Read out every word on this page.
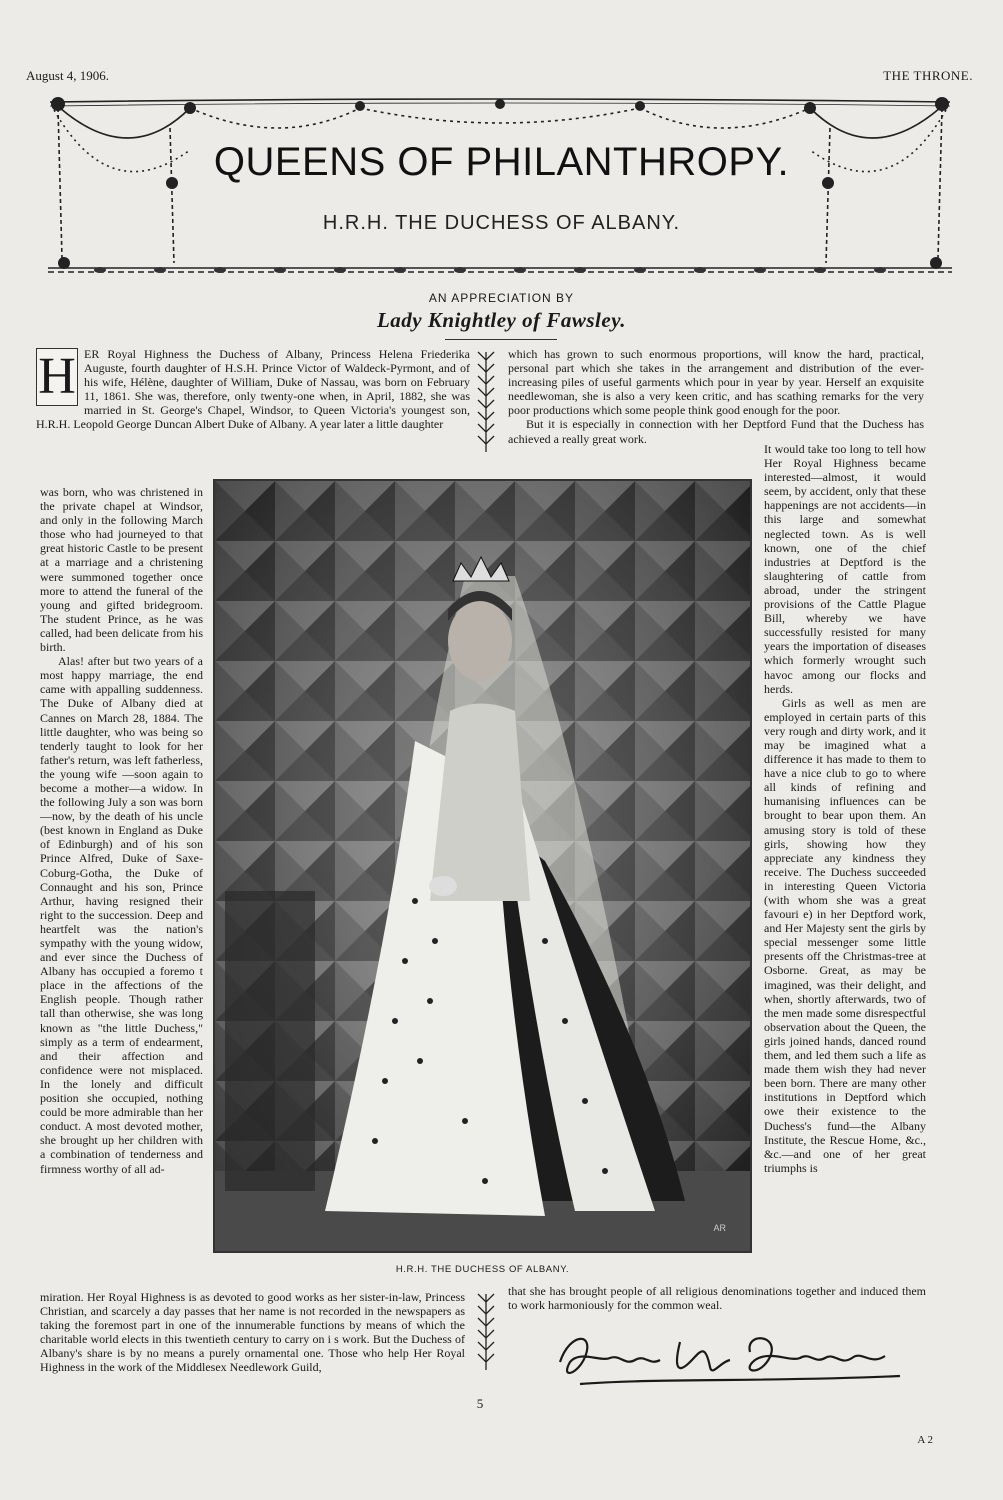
August 4, 1906.	THE THRONE.
QUEENS OF PHILANTHROPY.
H.R.H. THE DUCHESS OF ALBANY.
AN APPRECIATION BY
Lady Knightley of Fawsley.
H ER Royal Highness the Duchess of Albany, Princess Helena Friederika Auguste, fourth daughter of H.S.H. Prince Victor of Waldeck-Pyrmont, and of his wife, Hélène, daughter of William, Duke of Nassau, was born on February 11, 1861. She was, therefore, only twenty-one when, in April, 1882, she was married in St. George's Chapel, Windsor, to Queen Victoria's youngest son, H.R.H. Leopold George Duncan Albert Duke of Albany. A year later a little daughter

was born, who was christened in the private chapel at Windsor, and only in the following March those who had journeyed to that great historic Castle to be present at a marriage and a christening were summoned together once more to attend the funeral of the young and gifted bridegroom. The student Prince, as he was called, had been delicate from his birth.

Alas! after but two years of a most happy marriage, the end came with appalling suddenness. The Duke of Albany died at Cannes on March 28, 1884. The little daughter, who was being so tenderly taught to look for her father's return, was left fatherless, the young wife —soon again to become a mother—a widow. In the following July a son was born—now, by the death of his uncle (best known in England as Duke of Edinburgh) and of his son Prince Alfred, Duke of Saxe-Coburg-Gotha, the Duke of Connaught and his son, Prince Arthur, having resigned their right to the succession. Deep and heartfelt was the nation's sympathy with the young widow, and ever since the Duchess of Albany has occupied a foremo t place in the affections of the English people. Though rather tall than otherwise, she was long known as "the little Duchess," simply as a term of endearment, and their affection and confidence were not misplaced. In the lonely and difficult position she occupied, nothing could be more admirable than her conduct. A most devoted mother, she brought up her children with a combination of tenderness and firmness worthy of all ad-

miration. Her Royal Highness is as devoted to good works as her sister-in-law, Princess Christian, and scarcely a day passes that her name is not recorded in the newspapers as taking the foremost part in one of the innumerable functions by means of which the charitable world elects in this twentieth century to carry on i s work. But the Duchess of Albany's share is by no means a purely ornamental one. Those who help Her Royal Highness in the work of the Middlesex Needlework Guild,

which has grown to such enormous proportions, will know the hard, practical, personal part which she takes in the arrangement and distribution of the ever-increasing piles of useful garments which pour in year by year. Herself an exquisite needlewoman, she is also a very keen critic, and has scathing remarks for the very poor productions which some people think good enough for the poor.

But it is especially in connection with her Deptford Fund that the Duchess has achieved a really great work.

It would take too long to tell how Her Royal Highness became interested—almost, it would seem, by accident, only that these happenings are not accidents—in this large and somewhat neglected town. As is well known, one of the chief industries at Deptford is the slaughtering of cattle from abroad, under the stringent provisions of the Cattle Plague Bill, whereby we have successfully resisted for many years the importation of diseases which formerly wrought such havoc among our flocks and herds.

Girls as well as men are employed in certain parts of this very rough and dirty work, and it may be imagined what a difference it has made to them to have a nice club to go to where all kinds of refining and humanising influences can be brought to bear upon them. An amusing story is told of these girls, showing how they appreciate any kindness they receive. The Duchess succeeded in interesting Queen Victoria (with whom she was a great favouri e) in her Deptford work, and Her Majesty sent the girls by special messenger some little presents off the Christmas-tree at Osborne. Great, as may be imagined, was their delight, and when, shortly afterwards, two of the men made some disrespectful observation about the Queen, the girls joined hands, danced round them, and led them such a life as made them wish they had never been born. There are many other institutions in Deptford which owe their existence to the Duchess's fund—the Albany Institute, the Rescue Home, &c., &c.—and one of her great triumphs is

that she has brought people of all religious denominations together and induced them to work harmoniously for the common weal.

AR
H.R.H. THE DUCHESS OF ALBANY.
5
A 2
